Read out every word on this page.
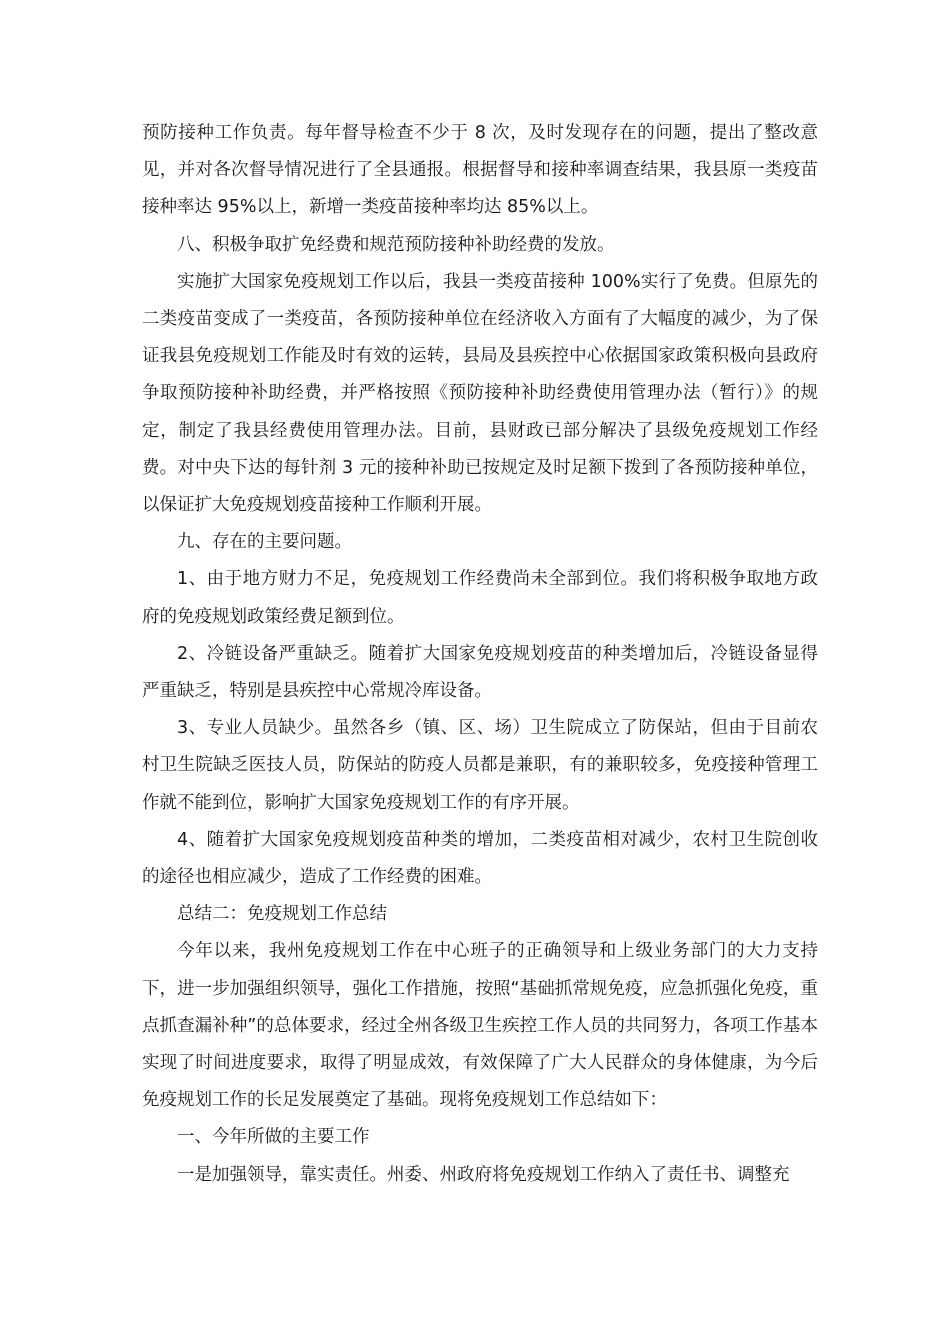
预防接种工作负责。每年督导检查不少于 8 次，及时发现存在的问题，提出了整改意见，并对各次督导情况进行了全县通报。根据督导和接种率调查结果，我县原一类疫苗接种率达 95%以上，新增一类疫苗接种率均达 85%以上。

八、积极争取扩免经费和规范预防接种补助经费的发放。

实施扩大国家免疫规划工作以后，我县一类疫苗接种 100%实行了免费。但原先的二类疫苗变成了一类疫苗，各预防接种单位在经济收入方面有了大幅度的减少，为了保证我县免疫规划工作能及时有效的运转，县局及县疾控中心依据国家政策积极向县政府争取预防接种补助经费，并严格按照《预防接种补助经费使用管理办法（暂行）》的规定，制定了我县经费使用管理办法。目前，县财政已部分解决了县级免疫规划工作经费。对中央下达的每针剂 3 元的接种补助已按规定及时足额下拨到了各预防接种单位，以保证扩大免疫规划疫苗接种工作顺利开展。

九、存在的主要问题。

1、由于地方财力不足，免疫规划工作经费尚未全部到位。我们将积极争取地方政府的免疫规划政策经费足额到位。

2、冷链设备严重缺乏。随着扩大国家免疫规划疫苗的种类增加后，冷链设备显得严重缺乏，特别是县疾控中心常规冷库设备。

3、专业人员缺少。虽然各乡（镇、区、场）卫生院成立了防保站，但由于目前农村卫生院缺乏医技人员，防保站的防疫人员都是兼职，有的兼职较多，免疫接种管理工作就不能到位，影响扩大国家免疫规划工作的有序开展。

4、随着扩大国家免疫规划疫苗种类的增加，二类疫苗相对减少，农村卫生院创收的途径也相应减少，造成了工作经费的困难。

总结二：免疫规划工作总结

今年以来，我州免疫规划工作在中心班子的正确领导和上级业务部门的大力支持下，进一步加强组织领导，强化工作措施，按照“基础抓常规免疫，应急抓强化免疫，重点抓查漏补种”的总体要求，经过全州各级卫生疾控工作人员的共同努力，各项工作基本实现了时间进度要求，取得了明显成效，有效保障了广大人民群众的身体健康，为今后免疫规划工作的长足发展奠定了基础。现将免疫规划工作总结如下：

一、今年所做的主要工作

一是加强领导，靠实责任。州委、州政府将免疫规划工作纳入了责任书、调整充
